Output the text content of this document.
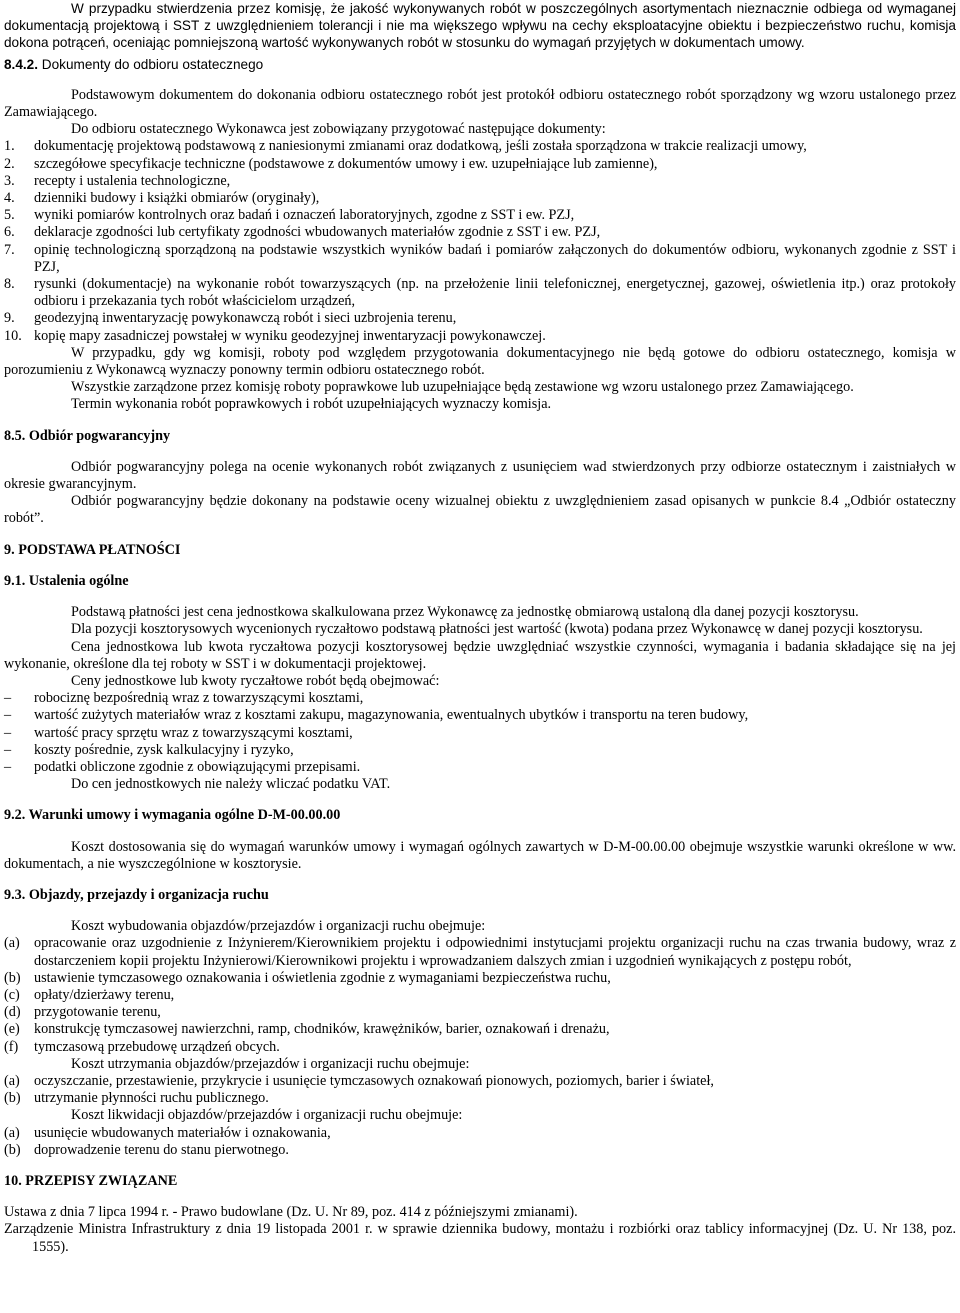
W przypadku stwierdzenia przez komisję, że jakość wykonywanych robót w poszczególnych asortymentach nieznacznie odbiega od wymaganej dokumentacją projektową i SST z uwzględnieniem tolerancji i nie ma większego wpływu na cechy eksploatacyjne obiektu i bezpieczeństwo ruchu, komisja dokona potrąceń, oceniając pomniejszoną wartość wykonywanych robót w stosunku do wymagań przyjętych w dokumentach umowy.

8.4.2. Dokumenty do odbioru ostatecznego

Podstawowym dokumentem do dokonania odbioru ostatecznego robót jest protokół odbioru ostatecznego robót sporządzony wg wzoru ustalonego przez Zamawiającego.

Do odbioru ostatecznego Wykonawca jest zobowiązany przygotować następujące dokumenty:

1.	dokumentację projektową podstawową z naniesionymi zmianami oraz dodatkową, jeśli została sporządzona w trakcie realizacji umowy,
2.	szczegółowe specyfikacje techniczne (podstawowe z dokumentów umowy i ew. uzupełniające lub zamienne),
3.	recepty i ustalenia technologiczne,
4.	dzienniki budowy i książki obmiarów (oryginały),
5.	wyniki pomiarów kontrolnych oraz badań i oznaczeń laboratoryjnych, zgodne z SST i ew. PZJ,
6.	deklaracje zgodności lub certyfikaty zgodności wbudowanych materiałów zgodnie z SST i ew. PZJ,
7.	opinię technologiczną sporządzoną na podstawie wszystkich wyników badań i pomiarów załączonych do dokumentów odbioru, wykonanych zgodnie z SST i PZJ,
8.	rysunki (dokumentacje) na wykonanie robót towarzyszących (np. na przełożenie linii telefonicznej, energetycznej, gazowej, oświetlenia itp.) oraz protokoły odbioru i przekazania tych robót właścicielom urządzeń,
9.	geodezyjną inwentaryzację powykonawczą robót i sieci uzbrojenia terenu,
10. kopię mapy zasadniczej powstałej w wyniku geodezyjnej inwentaryzacji powykonawczej.

W przypadku, gdy wg komisji, roboty pod względem przygotowania dokumentacyjnego nie będą gotowe do odbioru ostatecznego, komisja w porozumieniu z Wykonawcą wyznaczy ponowny termin odbioru ostatecznego robót.

Wszystkie zarządzone przez komisję roboty poprawkowe lub uzupełniające będą zestawione wg wzoru ustalonego przez Zamawiającego.

Termin wykonania robót poprawkowych i robót uzupełniających wyznaczy komisja.

8.5. Odbiór pogwarancyjny

Odbiór pogwarancyjny polega na ocenie wykonanych robót związanych z usunięciem wad stwierdzonych przy odbiorze ostatecznym i zaistniałych w okresie gwarancyjnym.

Odbiór pogwarancyjny będzie dokonany na podstawie oceny wizualnej obiektu z uwzględnieniem zasad opisanych w punkcie 8.4 „Odbiór ostateczny robót”.

9. PODSTAWA PŁATNOŚCI
9.1. Ustalenia ogólne

Podstawą płatności jest cena jednostkowa skalkulowana przez Wykonawcę za jednostkę obmiarową ustaloną dla danej pozycji kosztorysu.

Dla pozycji kosztorysowych wycenionych ryczałtowo podstawą płatności jest wartość (kwota) podana przez Wykonawcę w danej pozycji kosztorysu.

Cena jednostkowa lub kwota ryczałtowa pozycji kosztorysowej będzie uwzględniać wszystkie czynności, wymagania i badania składające się na jej wykonanie, określone dla tej roboty w SST i w dokumentacji projektowej.

Ceny jednostkowe lub kwoty ryczałtowe robót będą obejmować:

–	robociznę bezpośrednią wraz z towarzyszącymi kosztami,
–	wartość zużytych materiałów wraz z kosztami zakupu, magazynowania, ewentualnych ubytków i transportu na teren budowy,
–	wartość pracy sprzętu wraz z towarzyszącymi kosztami,
–	koszty pośrednie, zysk kalkulacyjny i ryzyko,
–	podatki obliczone zgodnie z obowiązującymi przepisami.

Do cen jednostkowych nie należy wliczać podatku VAT.

9.2. Warunki umowy i wymagania ogólne D-M-00.00.00

Koszt dostosowania się do wymagań warunków umowy i wymagań ogólnych zawartych w D-M-00.00.00 obejmuje wszystkie warunki określone w ww. dokumentach, a nie wyszczególnione w kosztorysie.

9.3. Objazdy, przejazdy i organizacja ruchu

Koszt wybudowania objazdów/przejazdów i organizacji ruchu obejmuje:

(a)	opracowanie oraz uzgodnienie z Inżynierem/Kierownikiem projektu i odpowiednimi instytucjami projektu organizacji ruchu na czas trwania budowy, wraz z dostarczeniem kopii projektu Inżynierowi/Kierownikowi projektu i wprowadzaniem dalszych zmian i uzgodnień wynikających z postępu robót,
(b) ustawienie tymczasowego oznakowania i oświetlenia zgodnie z wymaganiami bezpieczeństwa ruchu,
(c)	opłaty/dzierżawy terenu,
(d) przygotowanie terenu,
(e)	konstrukcję tymczasowej nawierzchni, ramp, chodników, krawężników, barier, oznakowań i drenażu,
(f)	tymczasową przebudowę urządzeń obcych.

Koszt utrzymania objazdów/przejazdów i organizacji ruchu obejmuje:

(a)	oczyszczanie, przestawienie, przykrycie i usunięcie tymczasowych oznakowań pionowych, poziomych, barier i świateł,
(b) utrzymanie płynności ruchu publicznego.

Koszt likwidacji objazdów/przejazdów i organizacji ruchu obejmuje:

(a)	usunięcie wbudowanych materiałów i oznakowania,
(b) doprowadzenie terenu do stanu pierwotnego.
10. PRZEPISY ZWIĄZANE

Ustawa z dnia 7 lipca 1994 r. - Prawo budowlane (Dz. U. Nr 89, poz. 414 z późniejszymi zmianami).

Zarządzenie Ministra Infrastruktury z dnia 19 listopada 2001 r. w sprawie dziennika budowy, montażu i rozbiórki oraz tablicy informacyjnej (Dz. U. Nr 138, poz. 1555).
